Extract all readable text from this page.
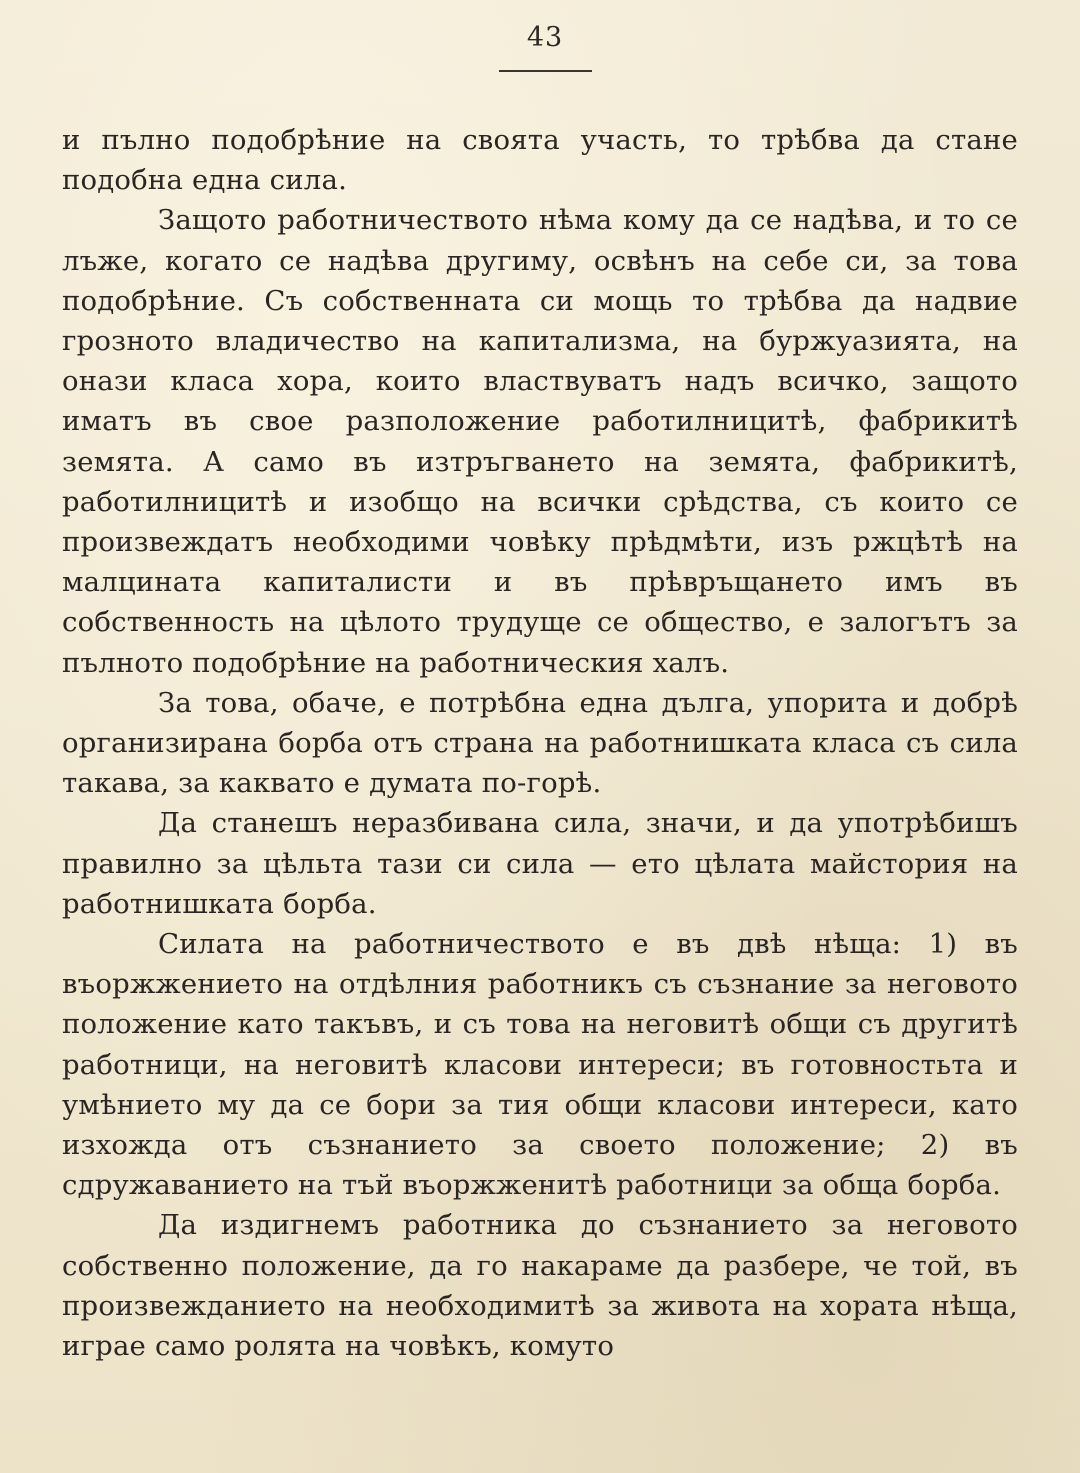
43

и пълно подобрѣние на своята участь, то трѣбва да стане подобна една сила.

Защото работничеството нѣма кому да се надѣва, и то се лъже, когато се надѣва другиму, освѣнъ на себе си, за това подобрѣние. Съ собственната си мощь то трѣбва да надвие грозното владичество на капитализма, на буржуазията, на онази класа хора, които властвуватъ надъ всичко, защото иматъ въ свое разположение работилницитѣ, фабрикитѣ земята. А само въ изтръгването на земята, фабрикитѣ, работилницитѣ и изобщо на всички срѣдства, съ които се произвеждатъ необходими човѣку прѣдмѣти, изъ ржцѣтѣ на малцината капиталисти и въ прѣвръщането имъ въ собственность на цѣлото трудуще се общество, е залогътъ за пълното подобрѣние на работническия халъ.

За това, обаче, е потрѣбна една дълга, упорита и добрѣ организирана борба отъ страна на работнишката класа съ сила такава, за каквато е думата по-горѣ.

Да станешъ неразбивана сила, значи, и да употрѣбишъ правилно за цѣльта тази си сила — ето цѣлата майстория на работнишката борба.

Силата на работничеството е въ двѣ нѣща: 1) въ въоржжението на отдѣлния работникъ съ съзнание за неговото положение като такъвъ, и съ това на неговитѣ общи съ другитѣ работници, на неговитѣ класови интереси; въ готовностьта и умѣнието му да се бори за тия общи класови интереси, като изхожда отъ съзнанието за своето положение; 2) въ сдружаванието на тъй въоржженитѣ работници за обща борба.

Да издигнемъ работника до съзнанието за неговото собственно положение, да го накараме да разбере, че той, въ произвежданието на необходимитѣ за живота на хората нѣща, играе само ролята на човѣкъ, комуто
